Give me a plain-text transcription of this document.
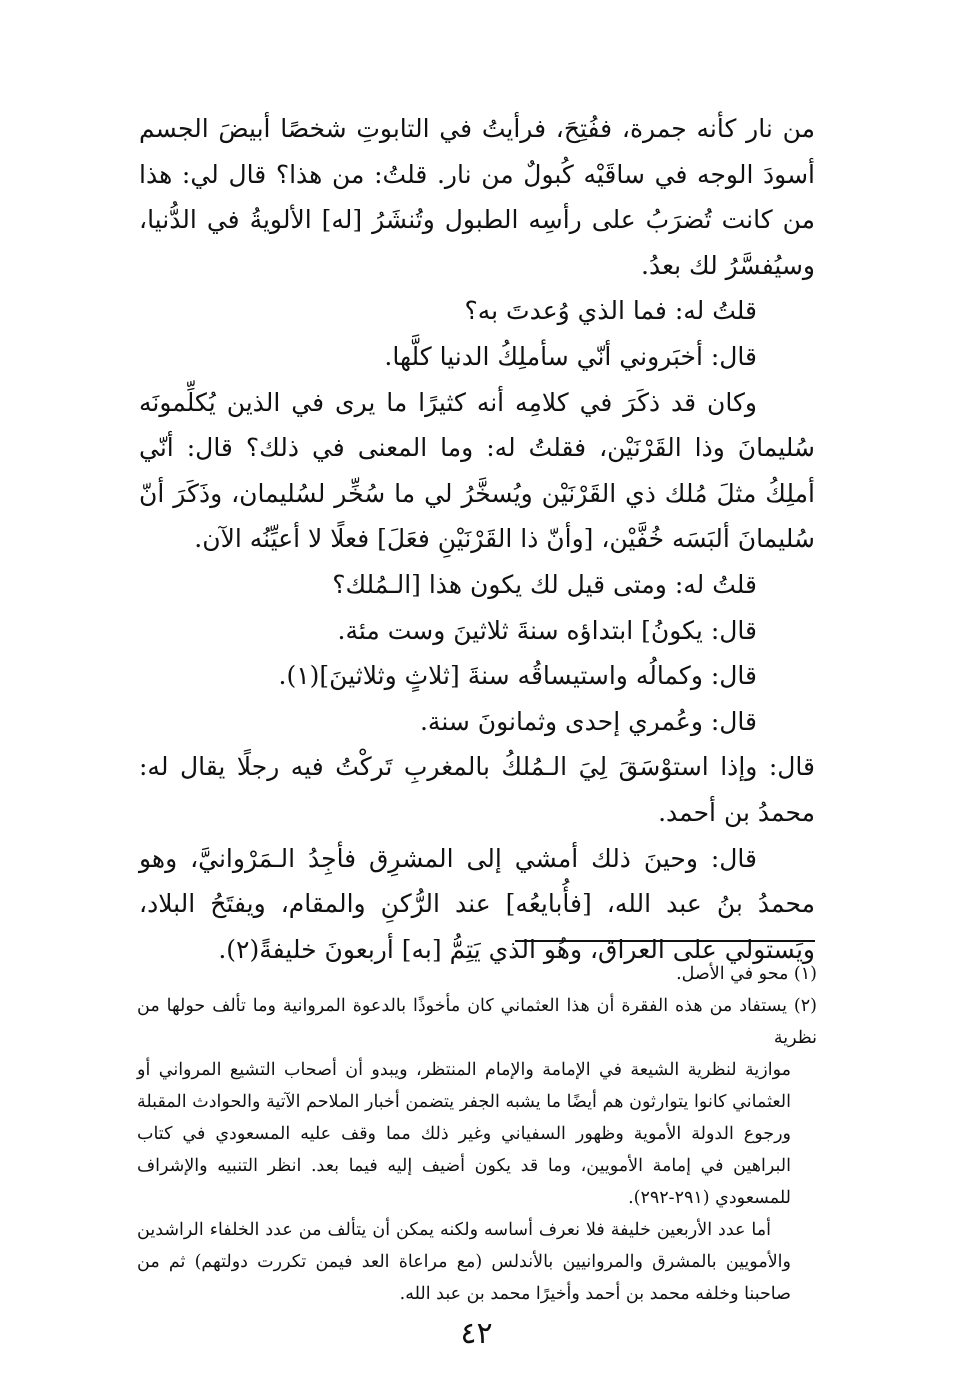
من نار كأنه جمرة، ففُتِحَ، فرأيتُ في التابوتِ شخصًا أبيضَ الجسم أسودَ الوجه في ساقَيْه كُبولٌ من نار. قلتُ: من هذا؟ قال لي: هذا من كانت تُضرَبُ على رأسِه الطبول وتُنشَرُ [له] الألويةُ في الدُّنيا، وسيُفسَّرُ لك بعدُ.

قلتُ له: فما الذي وُعدتَ به؟

قال: أخبَروني أنّي سأملِكُ الدنيا كلَّها.

وكان قد ذكَرَ في كلامِه أنه كثيرًا ما يرى في الذين يُكلِّمونَه سُليمانَ وذا القَرْنَيْن، فقلتُ له: وما المعنى في ذلك؟ قال: أنّي أملِكُ مثلَ مُلك ذي القَرْنَيْن ويُسخَّرُ لي ما سُخِّر لسُليمان، وذَكَرَ أنّ سُليمانَ ألبَسَه خُفَّيْن، [وأنّ ذا القَرْنَيْنِ فعَلَ] فعلًا لا أعيِّنُه الآن.

قلتُ له: ومتى قيل لك يكون هذا [الـمُلك؟

قال: يكونُ] ابتداؤه سنةَ ثلاثينَ وست مئة.

قال: وكمالُه واستيساقُه سنةَ [ثلاثٍ وثلاثينَ](١).

قال: وعُمري إحدى وثمانونَ سنة.

قال: وإذا استوْسَقَ لِيَ الـمُلكُ بالمغربِ تَركْتُ فيه رجلًا يقال له: محمدُ بن أحمد.

قال: وحينَ ذلك أمشي إلى المشرِق فأجِدُ الـمَرْوانيَّ، وهو محمدُ بنُ عبد الله، [فأُبايعُه] عند الرُّكنِ والمقام، ويفتَحُ البلاد، ويَستولي على العراق، وهُو الذي يَتِمُّ [به] أربعونَ خليفةً(٢).

(١) محو في الأصل.

(٢) يستفاد من هذه الفقرة أن هذا العثماني كان مأخوذًا بالدعوة المروانية وما تألف حولها من نظرية

موازية لنظرية الشيعة في الإمامة والإمام المنتظر، ويبدو أن أصحاب التشيع المرواني أو العثماني كانوا يتوارثون هم أيضًا ما يشبه الجفر يتضمن أخبار الملاحم الآتية والحوادث المقبلة ورجوع الدولة الأموية وظهور السفياني وغير ذلك مما وقف عليه المسعودي في كتاب البراهين في إمامة الأمويين، وما قد يكون أضيف إليه فيما بعد. انظر التنبيه والإشراف للمسعودي (٢٩١-٢٩٢).

أما عدد الأربعين خليفة فلا نعرف أساسه ولكنه يمكن أن يتألف من عدد الخلفاء الراشدين والأمويين بالمشرق والمروانيين بالأندلس (مع مراعاة العد فيمن تكررت دولتهم) ثم من صاحبنا وخلفه محمد بن أحمد وأخيرًا محمد بن عبد الله.

٤٢
